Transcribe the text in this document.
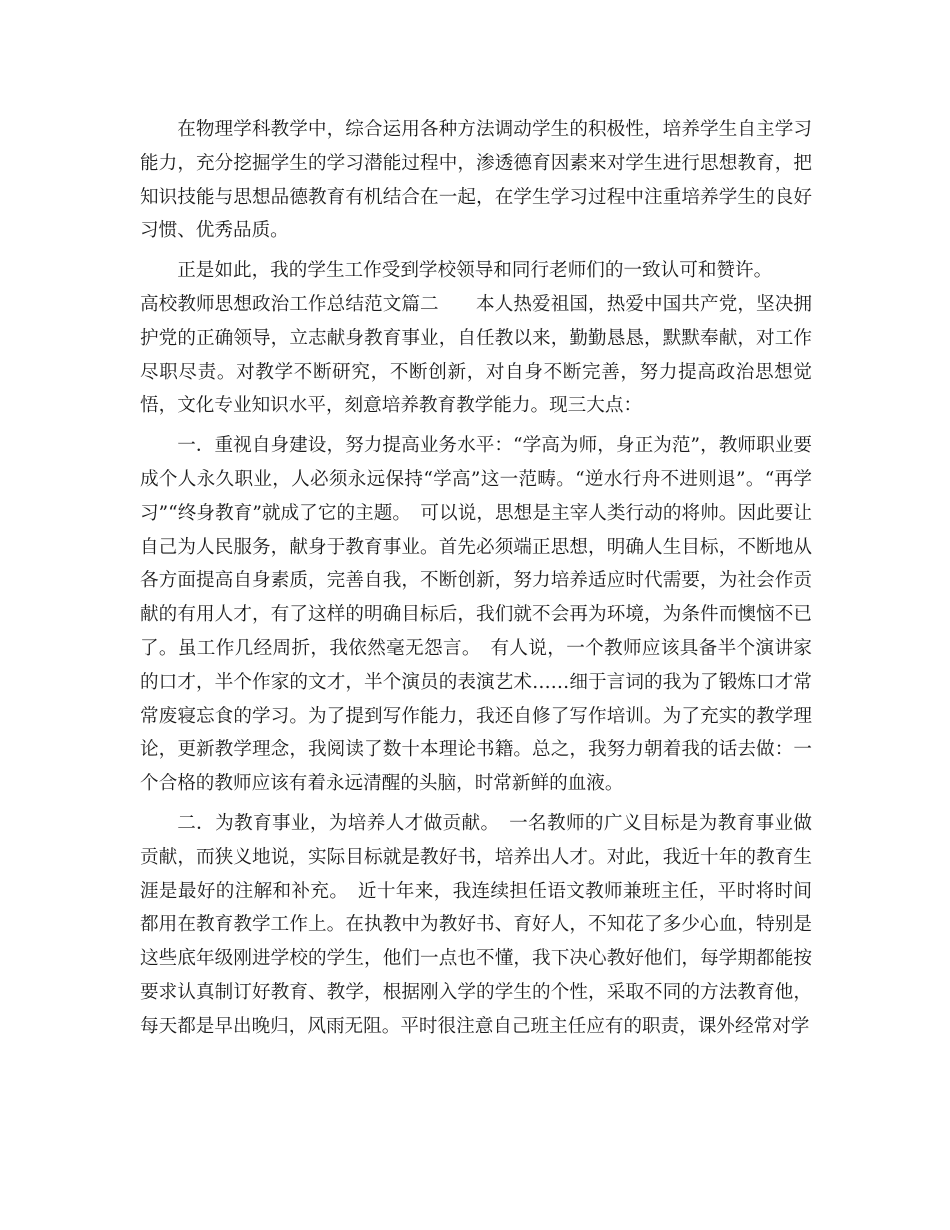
在物理学科教学中，综合运用各种方法调动学生的积极性，培养学生自主学习能力，充分挖掘学生的学习潜能过程中，渗透德育因素来对学生进行思想教育，把知识技能与思想品德教育有机结合在一起，在学生学习过程中注重培养学生的良好习惯、优秀品质。

正是如此，我的学生工作受到学校领导和同行老师们的一致认可和赞许。

高校教师思想政治工作总结范文篇二　　本人热爱祖国，热爱中国共产党，坚决拥护党的正确领导，立志献身教育事业，自任教以来，勤勤恳恳，默默奉献，对工作尽职尽责。对教学不断研究，不断创新，对自身不断完善，努力提高政治思想觉悟，文化专业知识水平，刻意培养教育教学能力。现三大点：

一．重视自身建设，努力提高业务水平：“学高为师，身正为范”，教师职业要成个人永久职业，人必须永远保持“学高”这一范畴。“逆水行舟不进则退”。“再学习”“终身教育”就成了它的主题。　可以说，思想是主宰人类行动的将帅。因此要让自己为人民服务，献身于教育事业。首先必须端正思想，明确人生目标，不断地从各方面提高自身素质，完善自我，不断创新，努力培养适应时代需要，为社会作贡献的有用人才，有了这样的明确目标后，我们就不会再为环境，为条件而懊恼不已了。虽工作几经周折，我依然毫无怨言。　有人说，一个教师应该具备半个演讲家的口才，半个作家的文才，半个演员的表演艺术……细于言词的我为了锻炼口才常常废寝忘食的学习。为了提到写作能力，我还自修了写作培训。为了充实的教学理论，更新教学理念，我阅读了数十本理论书籍。总之，我努力朝着我的话去做：一个合格的教师应该有着永远清醒的头脑，时常新鲜的血液。

二．为教育事业，为培养人才做贡献。　一名教师的广义目标是为教育事业做贡献，而狭义地说，实际目标就是教好书，培养出人才。对此，我近十年的教育生涯是最好的注解和补充。　近十年来，我连续担任语文教师兼班主任，平时将时间都用在教育教学工作上。在执教中为教好书、育好人，不知花了多少心血，特别是这些底年级刚进学校的学生，他们一点也不懂，我下决心教好他们，每学期都能按要求认真制订好教育、教学，根据刚入学的学生的个性，采取不同的方法教育他，每天都是早出晚归，风雨无阻。平时很注意自己班主任应有的职责，课外经常对学
